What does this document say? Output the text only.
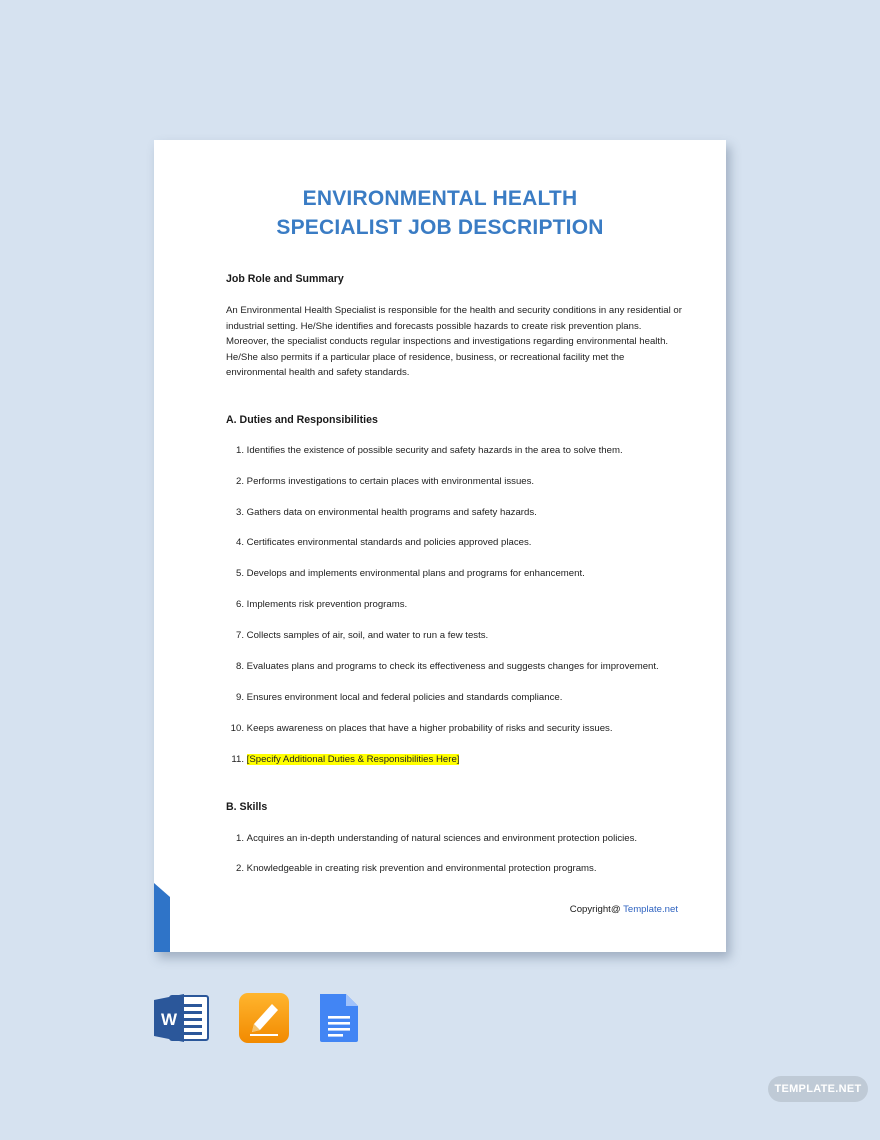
ENVIRONMENTAL HEALTH
SPECIALIST JOB DESCRIPTION
Job Role and Summary
An Environmental Health Specialist is responsible for the health and security conditions in any residential or industrial setting. He/She identifies and forecasts possible hazards to create risk prevention plans. Moreover, the specialist conducts regular inspections and investigations regarding environmental health. He/She also permits if a particular place of residence, business, or recreational facility met the environmental health and safety standards.
A. Duties and Responsibilities
1. Identifies the existence of possible security and safety hazards in the area to solve them.
2. Performs investigations to certain places with environmental issues.
3. Gathers data on environmental health programs and safety hazards.
4. Certificates environmental standards and policies approved places.
5. Develops and implements environmental plans and programs for enhancement.
6. Implements risk prevention programs.
7. Collects samples of air, soil, and water to run a few tests.
8. Evaluates plans and programs to check its effectiveness and suggests changes for improvement.
9. Ensures environment local and federal policies and standards compliance.
10. Keeps awareness on places that have a higher probability of risks and security issues.
11. [Specify Additional Duties & Responsibilities Here]
B. Skills
1. Acquires an in-depth understanding of natural sciences and environment protection policies.
2. Knowledgeable in creating risk prevention and environmental protection programs.
Copyright@ Template.net
W
TEMPLATE.NET
